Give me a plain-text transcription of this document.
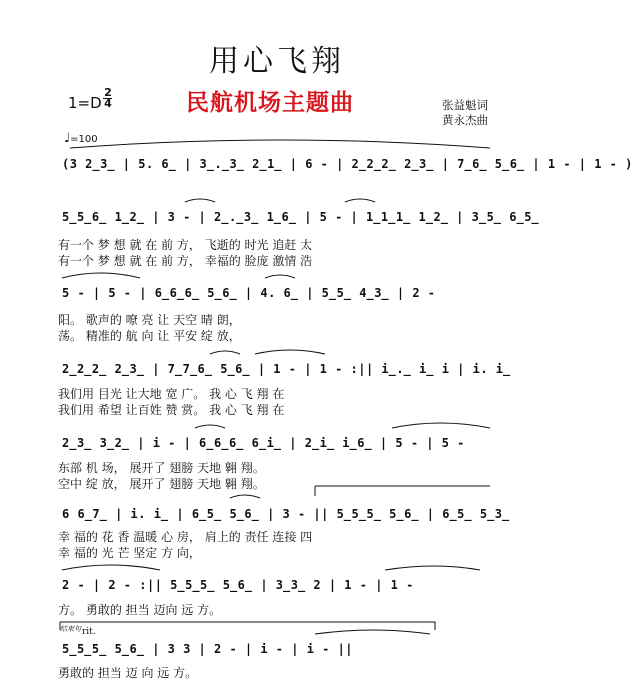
用心飞翔
民航机场主题曲
1=D
2
4	张益魁词
黄永杰曲
♩=100
(3 2̲3̲ | 5. 6̲ | 3̲.̲3̲ 2̲1̲ | 6 - | 2̲2̲2̲ 2̲3̲ | 7̲6̲ 5̲6̲ | 1 - | 1 - )
5̲5̲6̲ 1̲2̲ | 3 - | 2̲.̲3̲ 1̲6̲ | 5 - | 1̲1̲1̲ 1̲2̲ | 3̲5̲ 6̲5̲
有一个 梦 想 就 在 前 方， 飞逝的 时光 追赶 太
有一个 梦 想 就 在 前 方， 幸福的 脸庞 激情 浩
5 - | 5 - | 6̲6̲6̲ 5̲6̲ | 4. 6̲ | 5̲5̲ 4̲3̲ | 2 -
阳。 歌声的 嘹 亮 让 天空 晴 朗，
荡。 精准的 航 向 让 平安 绽 放，
2̲2̲2̲ 2̲3̲ | 7̲7̲6̲ 5̲6̲ | 1 - | 1 - :|| i̲.̲ i̲ i | i. i̲
我们用 目光 让大地 宽 广。 我 心 飞 翔 在
我们用 希望 让百姓 赞 赏。 我 心 飞 翔 在
2̲3̲ 3̲2̲ | i - | 6̲6̲6̲ 6̲i̲ | 2̲i̲ i̲6̲ | 5 - | 5 -
东部 机 场， 展开了 翅膀 天地 翱 翔。
空中 绽 放， 展开了 翅膀 天地 翱 翔。
6 6̲7̲ | i. i̲ | 6̲5̲ 5̲6̲ | 3 - || 5̲5̲5̲ 5̲6̲ | 6̲5̲ 5̲3̲
幸 福的 花 香 温暖 心 房， 肩上的 责任 连接 四
幸 福的 光 芒 坚定 方 向，
2 - | 2 - :|| 5̲5̲5̲ 5̲6̲ | 3̲3̲ 2 | 1 - | 1 -
方。 勇敢的 担当 迈向 远 方。
结束句 rit.
5̲5̲5̲ 5̲6̲ | 3 3 | 2 - | i - | i - ||
勇敢的 担当 迈 向 远 方。
